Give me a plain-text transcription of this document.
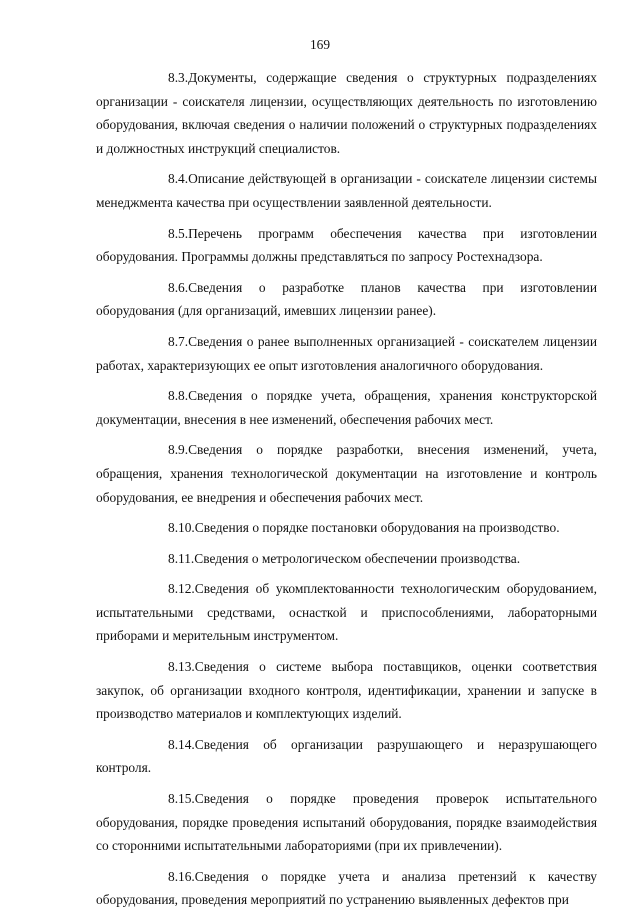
169

8.3.Документы, содержащие сведения о структурных подразделениях организации - соискателя лицензии, осуществляющих деятельность по изготовлению оборудования, включая сведения о наличии положений о структурных подразделениях и должностных инструкций специалистов.

8.4.Описание действующей в организации - соискателе лицензии системы менеджмента качества при осуществлении заявленной деятельности.

8.5.Перечень программ обеспечения качества при изготовлении оборудования. Программы должны представляться по запросу Ростехнадзора.

8.6.Сведения о разработке планов качества при изготовлении оборудования (для организаций, имевших лицензии ранее).

8.7.Сведения о ранее выполненных организацией - соискателем лицензии работах, характеризующих ее опыт изготовления аналогичного оборудования.

8.8.Сведения о порядке учета, обращения, хранения конструкторской документации, внесения в нее изменений, обеспечения рабочих мест.

8.9.Сведения о порядке разработки, внесения изменений, учета, обращения, хранения технологической документации на изготовление и контроль оборудования, ее внедрения и обеспечения рабочих мест.

8.10.Сведения о порядке постановки оборудования на производство.

8.11.Сведения о метрологическом обеспечении производства.

8.12.Сведения об укомплектованности технологическим оборудованием, испытательными средствами, оснасткой и приспособлениями, лабораторными приборами и мерительным инструментом.

8.13.Сведения о системе выбора поставщиков, оценки соответствия закупок, об организации входного контроля, идентификации, хранении и запуске в производство материалов и комплектующих изделий.

8.14.Сведения об организации разрушающего и неразрушающего контроля.

8.15.Сведения о порядке проведения проверок испытательного оборудования, порядке проведения испытаний оборудования, порядке взаимодействия со сторонними испытательными лабораториями (при их привлечении).

8.16.Сведения о порядке учета и анализа претензий к качеству оборудования, проведения мероприятий по устранению выявленных дефектов при
